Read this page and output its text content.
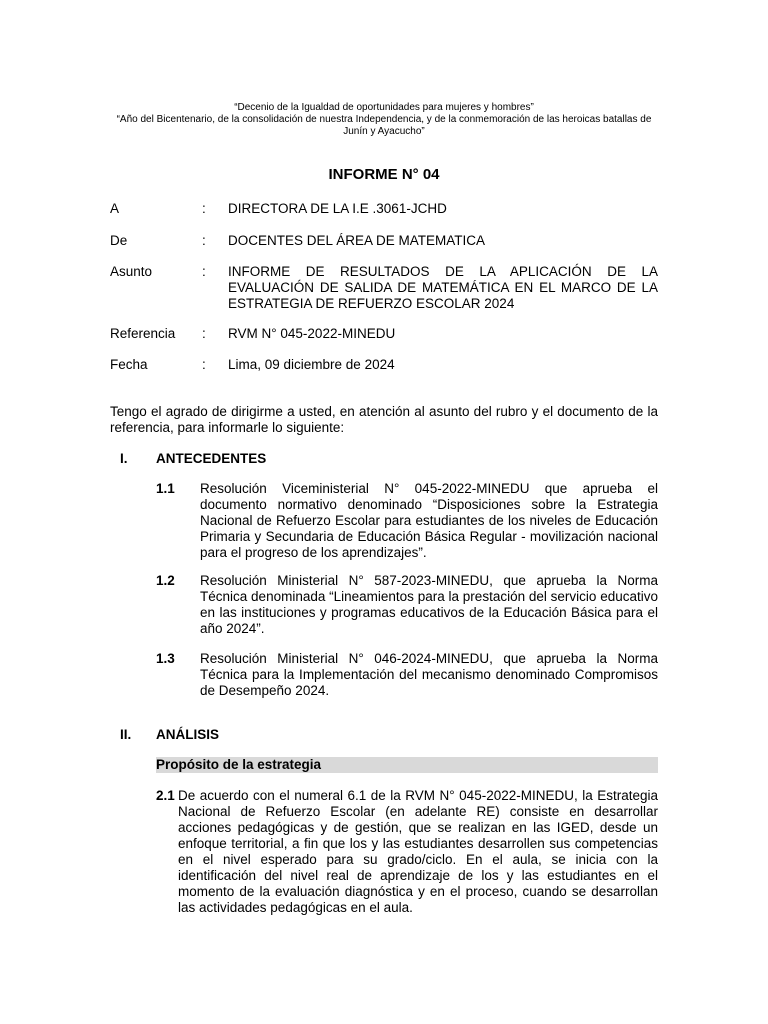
“Decenio de la Igualdad de oportunidades para mujeres y hombres”
“Año del Bicentenario, de la consolidación de nuestra Independencia, y de la conmemoración de las heroicas batallas de Junín y Ayacucho”
INFORME N° 04
A	: DIRECTORA DE LA I.E .3061-JCHD
De	: DOCENTES DEL ÁREA DE MATEMATICA
Asunto	: INFORME DE RESULTADOS DE LA APLICACIÓN DE LA EVALUACIÓN DE SALIDA DE MATEMÁTICA EN EL MARCO DE LA ESTRATEGIA DE REFUERZO ESCOLAR 2024
Referencia : RVM N° 045-2022-MINEDU
Fecha	: Lima, 09 diciembre de 2024
Tengo el agrado de dirigirme a usted, en atención al asunto del rubro y el documento de la referencia, para informarle lo siguiente:
I. ANTECEDENTES
1.1 Resolución Viceministerial N° 045-2022-MINEDU que aprueba el documento normativo denominado “Disposiciones sobre la Estrategia Nacional de Refuerzo Escolar para estudiantes de los niveles de Educación Primaria y Secundaria de Educación Básica Regular - movilización nacional para el progreso de los aprendizajes”.
1.2 Resolución Ministerial N° 587-2023-MINEDU, que aprueba la Norma Técnica denominada “Lineamientos para la prestación del servicio educativo en las instituciones y programas educativos de la Educación Básica para el año 2024”.
1.3 Resolución Ministerial N° 046-2024-MINEDU, que aprueba la Norma Técnica para la Implementación del mecanismo denominado Compromisos de Desempeño 2024.
II. ANÁLISIS
Propósito de la estrategia
2.1 De acuerdo con el numeral 6.1 de la RVM N° 045-2022-MINEDU, la Estrategia Nacional de Refuerzo Escolar (en adelante RE) consiste en desarrollar acciones pedagógicas y de gestión, que se realizan en las IGED, desde un enfoque territorial, a fin que los y las estudiantes desarrollen sus competencias en el nivel esperado para su grado/ciclo. En el aula, se inicia con la identificación del nivel real de aprendizaje de los y las estudiantes en el momento de la evaluación diagnóstica y en el proceso, cuando se desarrollan las actividades pedagógicas en el aula.
